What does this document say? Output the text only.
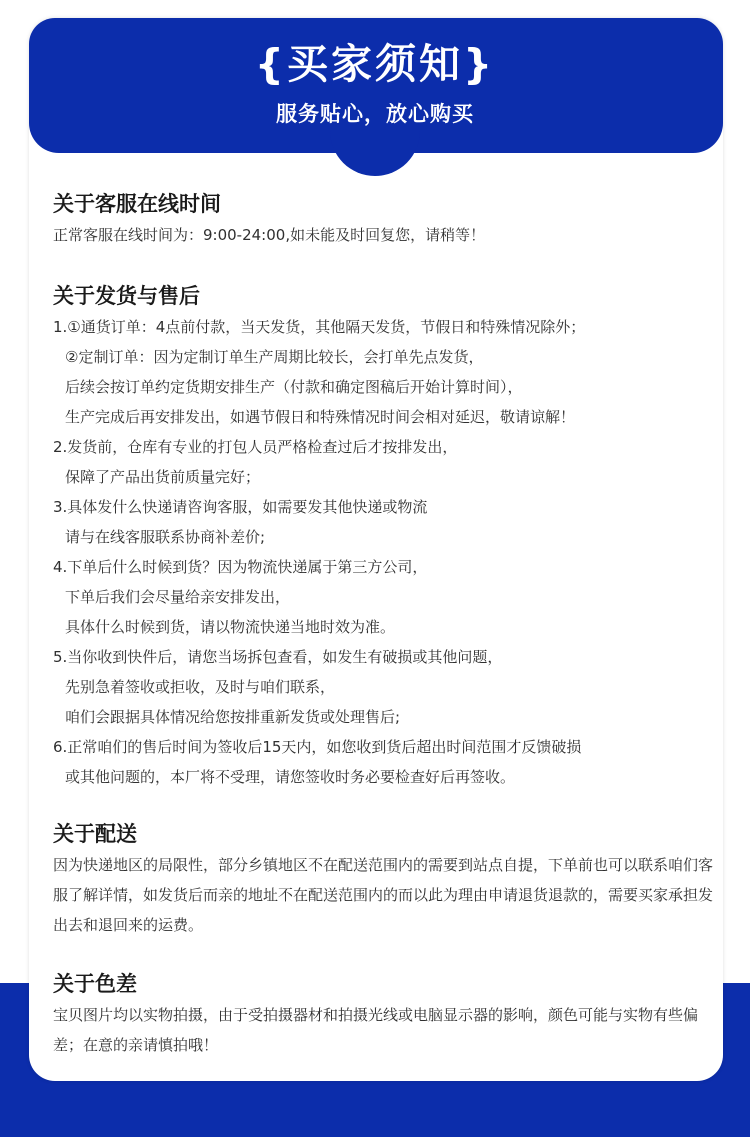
{买家须知}
服务贴心，放心购买
关于客服在线时间
正常客服在线时间为：9:00-24:00,如未能及时回复您，请稍等！
关于发货与售后
1.①通货订单：4点前付款，当天发货，其他隔天发货，节假日和特殊情况除外；
②定制订单：因为定制订单生产周期比较长，会打单先点发货，
后续会按订单约定货期安排生产（付款和确定图稿后开始计算时间），
生产完成后再安排发出，如遇节假日和特殊情况时间会相对延迟，敬请谅解！
2.发货前，仓库有专业的打包人员严格检查过后才按排发出，
保障了产品出货前质量完好；
3.具体发什么快递请咨询客服，如需要发其他快递或物流
请与在线客服联系协商补差价;
4.下单后什么时候到货？因为物流快递属于第三方公司，
下单后我们会尽量给亲安排发出，
具体什么时候到货，请以物流快递当地时效为准。
5.当你收到快件后，请您当场拆包查看，如发生有破损或其他问题，
先别急着签收或拒收，及时与咱们联系，
咱们会跟据具体情况给您按排重新发货或处理售后;
6.正常咱们的售后时间为签收后15天内，如您收到货后超出时间范围才反馈破损
或其他问题的，本厂将不受理，请您签收时务必要检查好后再签收。
关于配送
因为快递地区的局限性，部分乡镇地区不在配送范围内的需要到站点自提，下单前也可以联系咱们客服了解详情，如发货后而亲的地址不在配送范围内的而以此为理由申请退货退款的，需要买家承担发出去和退回来的运费。
关于色差
宝贝图片均以实物拍摄，由于受拍摄器材和拍摄光线或电脑显示器的影响，颜色可能与实物有些偏差；在意的亲请慎拍哦！
